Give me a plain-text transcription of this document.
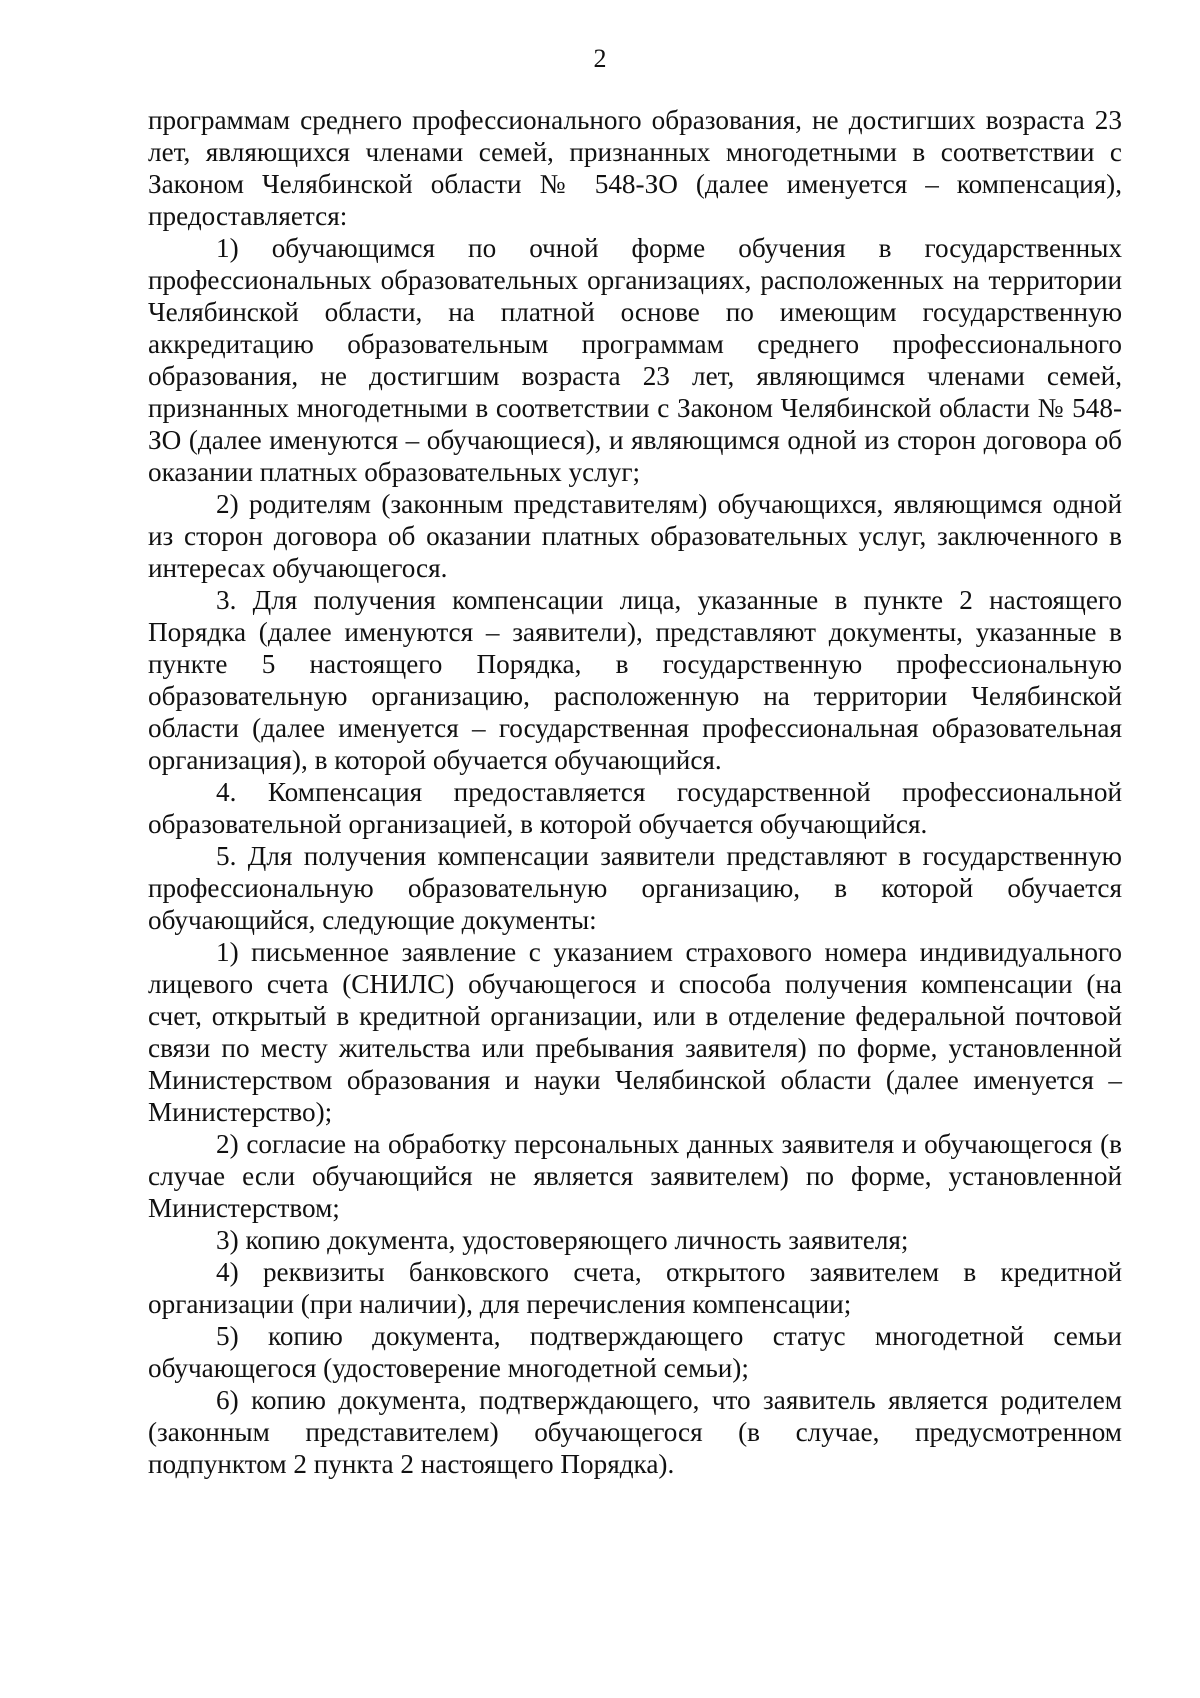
2

программам среднего профессионального образования, не достигших возраста 23 лет, являющихся членами семей, признанных многодетными в соответствии с Законом Челябинской области № 548-ЗО (далее именуется – компенсация), предоставляется:

1) обучающимся по очной форме обучения в государственных профессиональных образовательных организациях, расположенных на территории Челябинской области, на платной основе по имеющим государственную аккредитацию образовательным программам среднего профессионального образования, не достигшим возраста 23 лет, являющимся членами семей, признанных многодетными в соответствии с Законом Челябинской области № 548-ЗО (далее именуются – обучающиеся), и являющимся одной из сторон договора об оказании платных образовательных услуг;

2) родителям (законным представителям) обучающихся, являющимся одной из сторон договора об оказании платных образовательных услуг, заключенного в интересах обучающегося.

3. Для получения компенсации лица, указанные в пункте 2 настоящего Порядка (далее именуются – заявители), представляют документы, указанные в пункте 5 настоящего Порядка, в государственную профессиональную образовательную организацию, расположенную на территории Челябинской области (далее именуется – государственная профессиональная образовательная организация), в которой обучается обучающийся.

4. Компенсация предоставляется государственной профессиональной образовательной организацией, в которой обучается обучающийся.

5. Для получения компенсации заявители представляют в государственную профессиональную образовательную организацию, в которой обучается обучающийся, следующие документы:

1) письменное заявление с указанием страхового номера индивидуального лицевого счета (СНИЛС) обучающегося и способа получения компенсации (на счет, открытый в кредитной организации, или в отделение федеральной почтовой связи по месту жительства или пребывания заявителя) по форме, установленной Министерством образования и науки Челябинской области (далее именуется – Министерство);

2) согласие на обработку персональных данных заявителя и обучающегося (в случае если обучающийся не является заявителем) по форме, установленной Министерством;

3) копию документа, удостоверяющего личность заявителя;

4) реквизиты банковского счета, открытого заявителем в кредитной организации (при наличии), для перечисления компенсации;

5) копию документа, подтверждающего статус многодетной семьи обучающегося (удостоверение многодетной семьи);

6) копию документа, подтверждающего, что заявитель является родителем (законным представителем) обучающегося (в случае, предусмотренном подпунктом 2 пункта 2 настоящего Порядка).
